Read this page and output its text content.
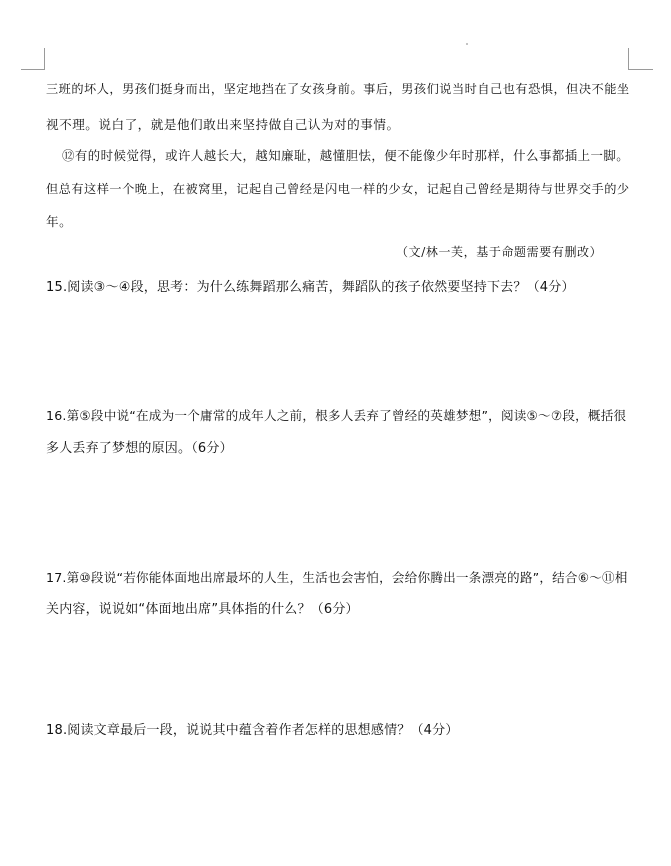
三班的坏人，男孩们挺身而出，坚定地挡在了女孩身前。事后，男孩们说当时自己也有恐惧，但决不能坐
视不理。说白了，就是他们敢出来坚持做自己认为对的事情。
⑫有的时候觉得，或许人越长大，越知廉耻，越懂胆怯，便不能像少年时那样，什么事都插上一脚。
但总有这样一个晚上，在被窝里，记起自己曾经是闪电一样的少女，记起自己曾经是期待与世界交手的少
年。
（文/林一芙，基于命题需要有删改）
15.阅读③～④段，思考：为什么练舞蹈那么痛苦，舞蹈队的孩子依然要坚持下去？（4分）
16.第⑤段中说“在成为一个庸常的成年人之前，根多人丢弃了曾经的英雄梦想”，阅读⑤～⑦段，概括很
多人丢弃了梦想的原因。（6分）
17.第⑩段说“若你能体面地出席最坏的人生，生活也会害怕，会给你腾出一条漂亮的路”，结合⑥～⑪相
关内容，说说如“体面地出席”具体指的什么？（6分）
18.阅读文章最后一段，说说其中蕴含着作者怎样的思想感情？（4分）
